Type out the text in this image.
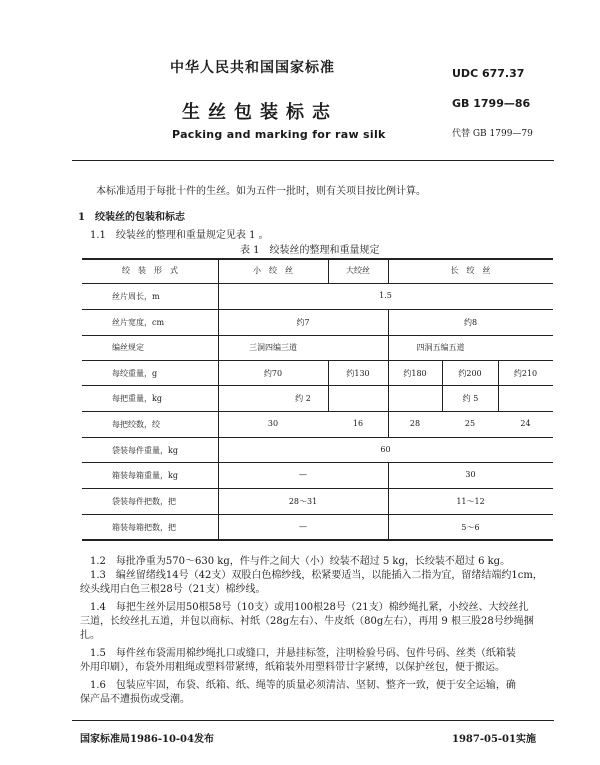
中华人民共和国国家标准	UDC 677.37
生丝包装标志	GB 1799—86
Packing and marking for raw silk	代替 GB 1799—79
本标准适用于每批十件的生丝。如为五件一批时，则有关项目按比例计算。
1　绞装丝的包装和标志
1.1　绞装丝的整理和重量规定见表 1 。
表 1　绞装丝的整理和重量规定
绞　装　形　式	小　绞　丝	大绞丝	长　绞　丝
丝片周长，m	1.5
丝片宽度，cm	约7	约8
编丝规定	三洞四编三道	四洞五编五道
每绞重量，g	约70	约130	约180	约200	约210
每把重量，kg	约 2	约 5
每把绞数，绞	30	16	28	25	24
袋装每件重量，kg	60
箱装每箱重量，kg	—	30
袋装每件把数，把	28～31	11～12
箱装每箱把数，把	—	5～6
1.2　每批净重为570～630 kg，件与件之间大（小）绞装不超过 5 kg，长绞装不超过 6 kg。
1.3　编丝留绪线14号（42支）双股白色棉纱线，松紧要适当，以能插入二指为宜，留绪结端约1cm，
绞头线用白色三根28号（21支）棉纱线。
1.4　每把生丝外层用50根58号（10支）或用100根28号（21支）棉纱绳扎紧，小绞丝、大绞丝扎
三道，长绞丝扎五道，并包以商标、衬纸（28g左右）、牛皮纸（80g左右），再用 9 根三股28号纱绳捆
扎。
1.5　每件丝布袋需用棉纱绳扎口或缝口，并悬挂标签，注明检验号码、包件号码、丝类（纸箱装
外用印刷），布袋外用粗绳或塑料带紧缚，纸箱装外用塑料带廿字紧缚，以保护丝包，便于搬运。
1.6　包装应牢固，布袋、纸箱、纸、绳等的质量必须清洁、坚韧、整齐一致，便于安全运输，确
保产品不遭损伤或受潮。
国家标准局1986-10-04发布	1987-05-01实施
